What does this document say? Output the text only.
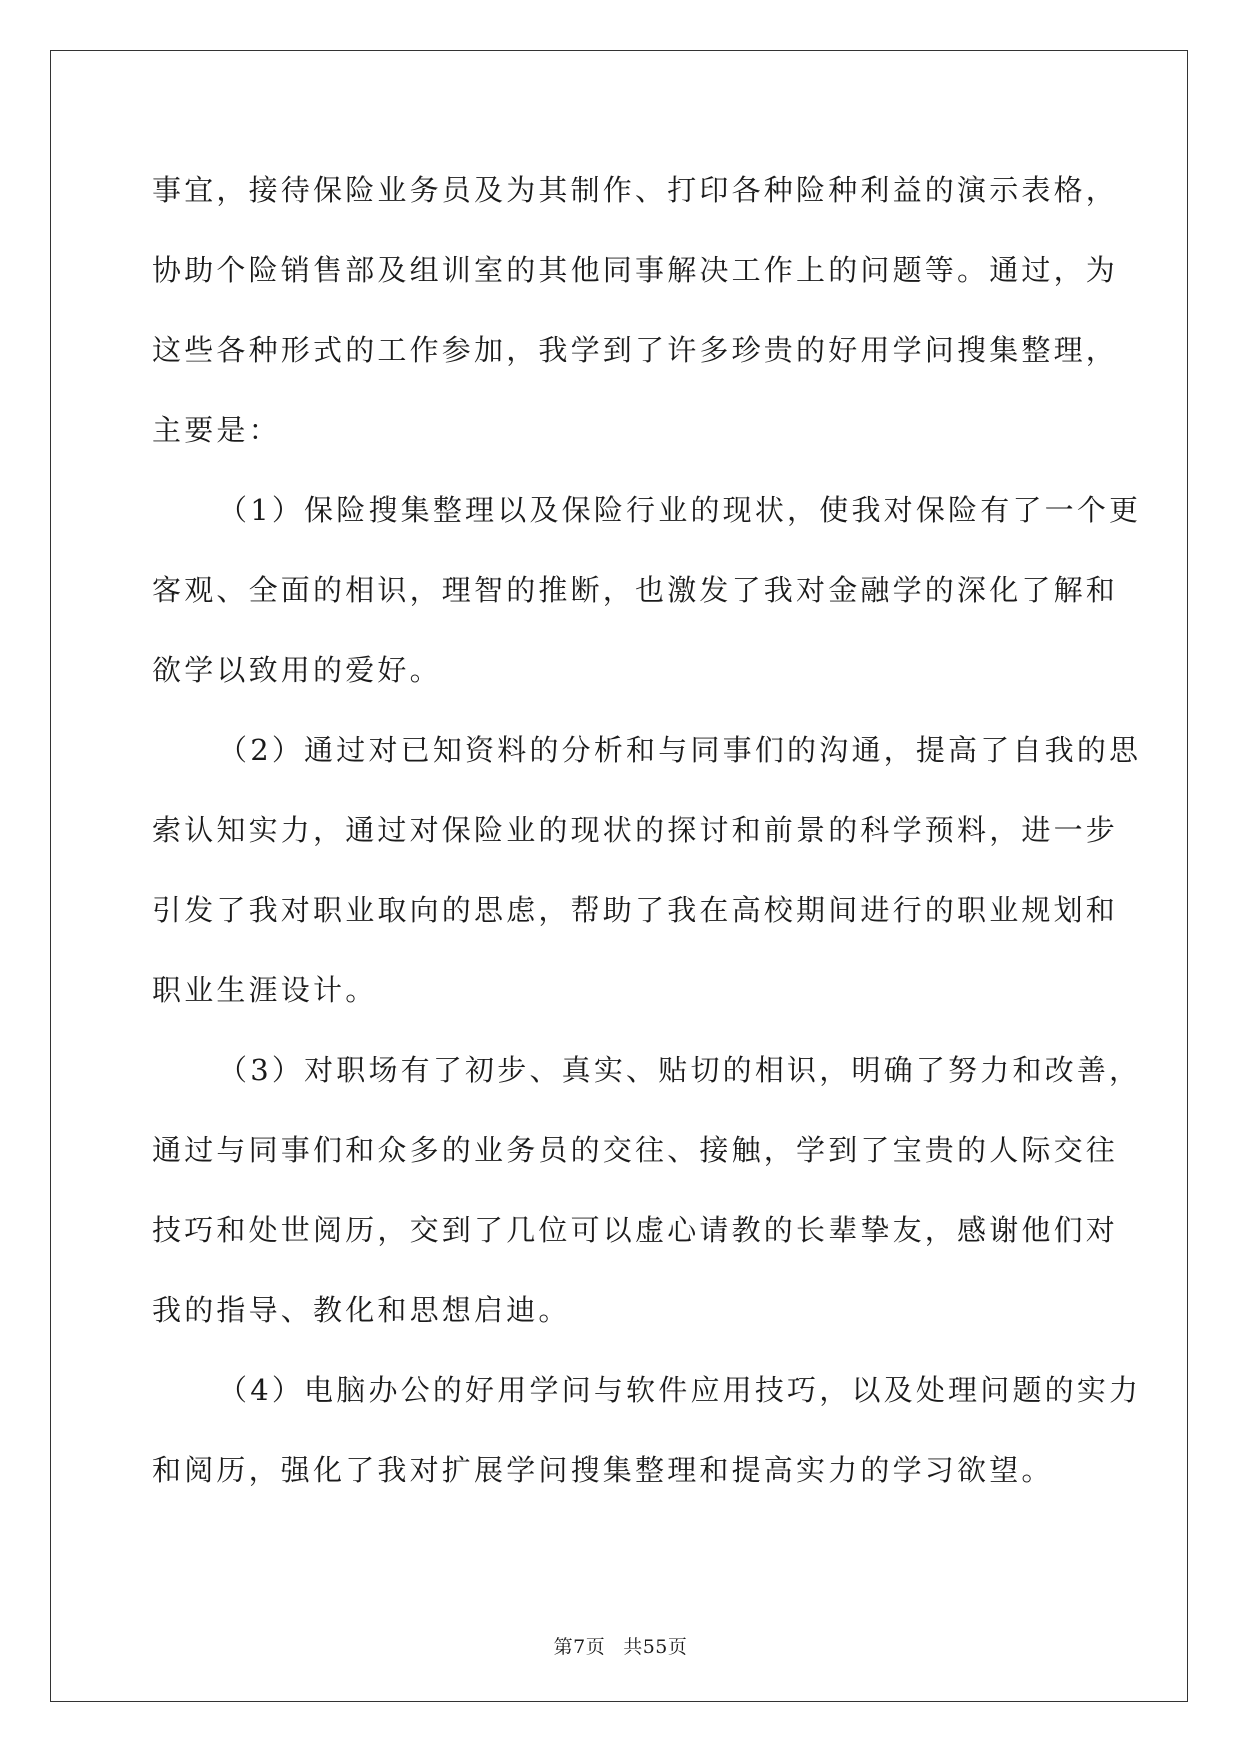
事宜，接待保险业务员及为其制作、打印各种险种利益的演示表格，
协助个险销售部及组训室的其他同事解决工作上的问题等。通过，为
这些各种形式的工作参加，我学到了许多珍贵的好用学问搜集整理，
主要是：

（1）保险搜集整理以及保险行业的现状，使我对保险有了一个更
客观、全面的相识，理智的推断，也激发了我对金融学的深化了解和
欲学以致用的爱好。

（2）通过对已知资料的分析和与同事们的沟通，提高了自我的思
索认知实力，通过对保险业的现状的探讨和前景的科学预料，进一步
引发了我对职业取向的思虑，帮助了我在高校期间进行的职业规划和
职业生涯设计。

（3）对职场有了初步、真实、贴切的相识，明确了努力和改善，
通过与同事们和众多的业务员的交往、接触，学到了宝贵的人际交往
技巧和处世阅历，交到了几位可以虚心请教的长辈挚友，感谢他们对
我的指导、教化和思想启迪。

（4）电脑办公的好用学问与软件应用技巧，以及处理问题的实力
和阅历，强化了我对扩展学问搜集整理和提高实力的学习欲望。

第7页 共55页
